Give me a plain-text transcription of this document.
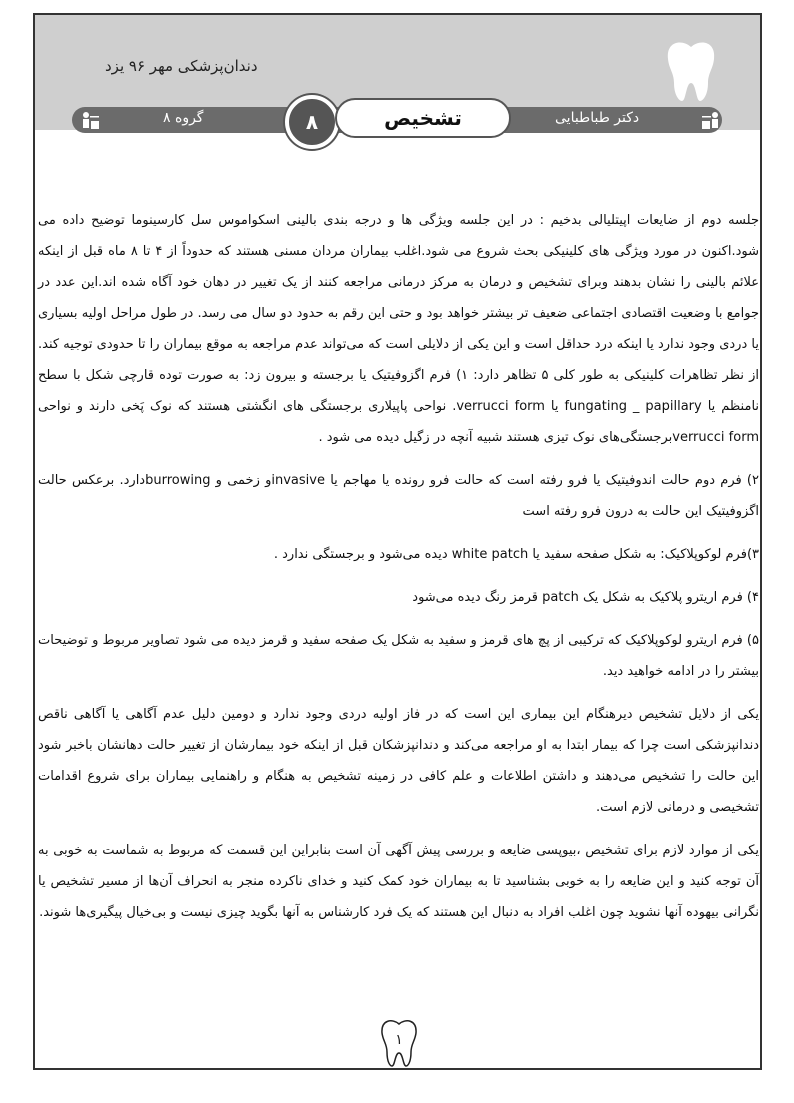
دندان‌پزشکی مهر ۹۶ یزد
گروه ۸	۸	تشخیص	دکتر طباطبایی

جلسه دوم از ضایعات اپیتلیالی بدخیم : در این جلسه ویژگی ها و درجه بندی بالینی اسکواموس سل کارسینوما توضیح داده می شود.اکنون در مورد ویژگی های کلینیکی بحث شروع می شود.اغلب بیماران مردان مسنی هستند که حدوداً از ۴ تا ۸ ماه قبل از اینکه علائم بالینی را نشان بدهند وبرای تشخیص و درمان به مرکز درمانی مراجعه کنند از یک تغییر در دهان خود آگاه شده اند.این عدد در جوامع با وضعیت اقتصادی اجتماعی ضعیف تر بیشتر خواهد بود و حتی این رقم به حدود دو سال می رسد. در طول مراحل اولیه بسیاری یا دردی وجود ندارد یا اینکه درد حداقل است و این یکی از دلایلی است که می‌تواند عدم مراجعه به موقع بیماران را تا حدودی توجیه کند. از نظر تظاهرات کلینیکی به طور کلی ۵ تظاهر دارد: ۱) فرم اگزوفیتیک یا برجسته و بیرون زد: به صورت توده قارچی شکل با سطح نامنظم یا fungating _ papillary یا verrucci form. نواحی پاپیلاری برجستگی های انگشتی هستند که نوک پَخی دارند و نواحی verrucci formبرجستگی‌های نوک تیزی هستند شبیه آنچه در زگیل دیده می شود .

۲) فرم دوم حالت اندوفیتیک یا فرو رفته است که حالت فرو رونده یا مهاجم یا invasiveو زخمی و burrowingدارد. برعکس حالت اگزوفیتیک این حالت به درون فرو رفته است

۳)فرم لوکوپلاکیک: به شکل صفحه سفید یا white patch دیده می‌شود و برجستگی ندارد .

۴) فرم اریترو پلاکیک به شکل یک patch قرمز رنگ دیده می‌شود

۵) فرم اریترو لوکوپلاکیک که ترکیبی از پچ های قرمز و سفید به شکل یک صفحه سفید و قرمز دیده می شود تصاویر مربوط و توضیحات بیشتر را در ادامه خواهید دید.

یکی از دلایل تشخیص دیرهنگام این بیماری این است که در فاز اولیه دردی وجود ندارد و دومین دلیل عدم آگاهی یا آگاهی ناقص دندانپزشکی است چرا که بیمار ابتدا به او مراجعه می‌کند و دندانپزشکان قبل از اینکه خود بیمارشان از تغییر حالت دهانشان باخبر شود این حالت را تشخیص می‌دهند و داشتن اطلاعات و علم کافی در زمینه تشخیص به هنگام و راهنمایی بیماران برای شروع اقدامات تشخیصی و درمانی لازم است.

یکی از موارد لازم برای تشخیص ،بیوپسی ضایعه و بررسی پیش آگهی آن است بنابراین این قسمت که مربوط به شماست به خوبی به آن توجه کنید و این ضایعه را به خوبی بشناسید تا به بیماران خود کمک کنید و خدای ناکرده منجر به انحراف آن‌ها از مسیر تشخیص یا نگرانی بیهوده آنها نشوید چون اغلب افراد به دنبال این هستند که یک فرد کارشناس به آنها بگوید چیزی نیست و بی‌خیال پیگیری‌ها شوند.

۱
